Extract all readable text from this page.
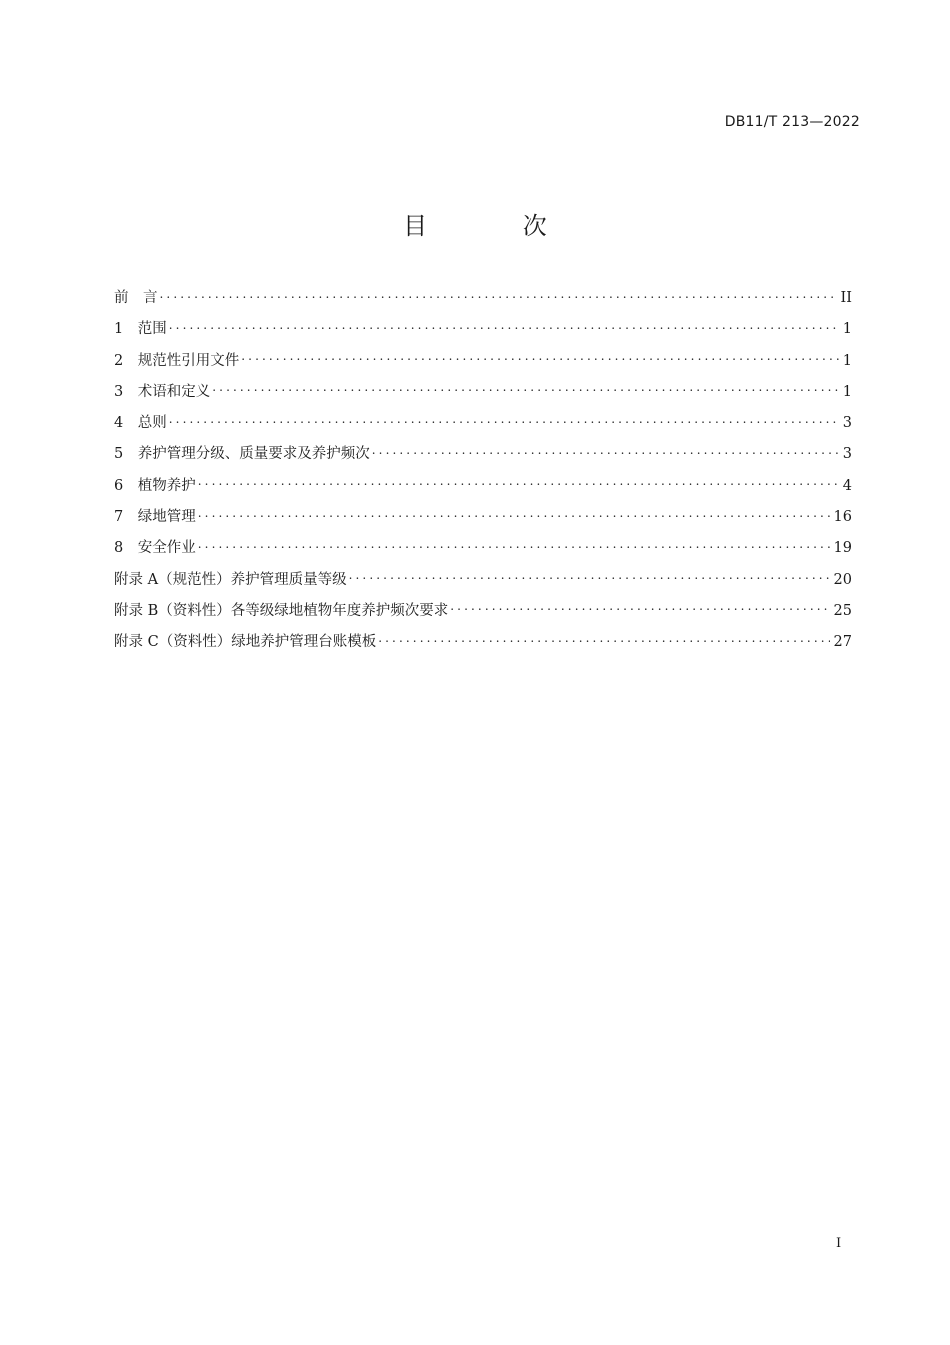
DB11/T 213—2022
目 次
前　言 .....	II
1　范围 .....	1
2　规范性引用文件 .....	1
3　术语和定义 .....	1
4　总则 .....	3
5　养护管理分级、质量要求及养护频次 .....	3
6　植物养护 .....	4
7　绿地管理 .....	16
8　安全作业 .....	19
附录 A（规范性）养护管理质量等级 .....	20
附录 B（资料性）各等级绿地植物年度养护频次要求 .....	25
附录 C（资料性）绿地养护管理台账模板 .....	27
I
